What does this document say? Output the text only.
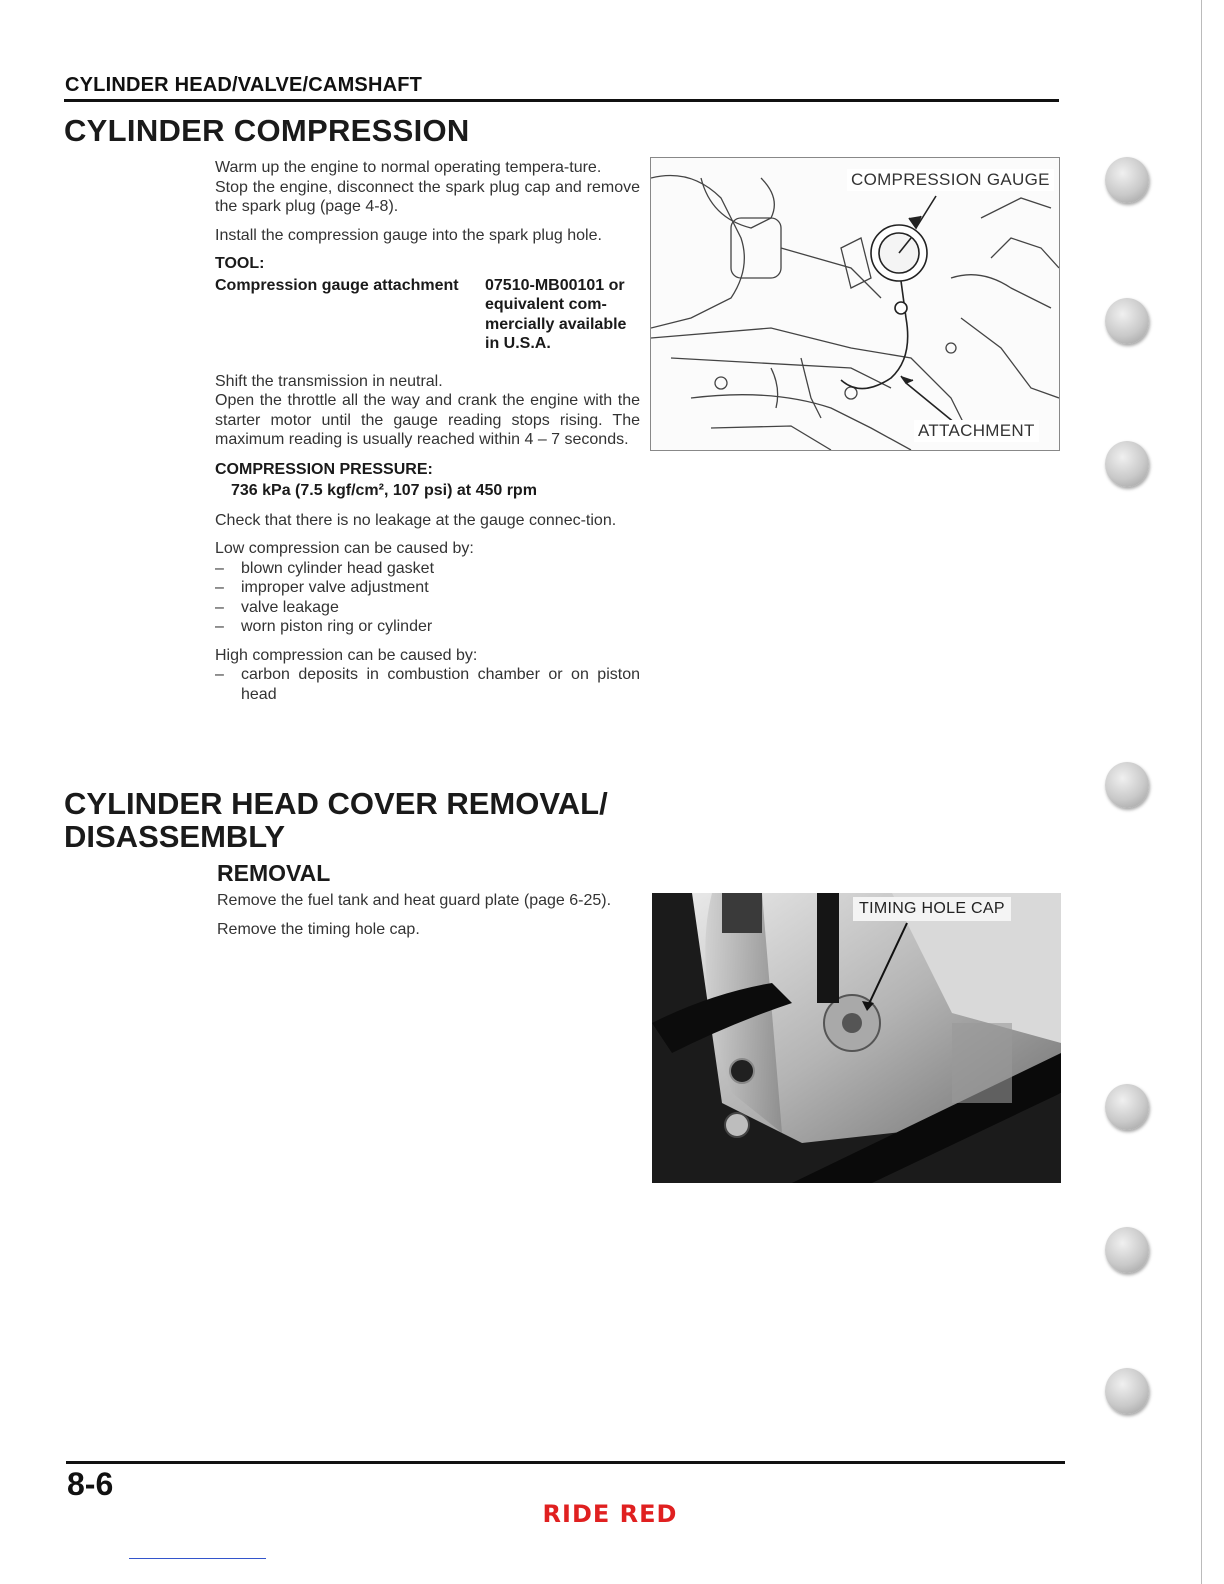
CYLINDER HEAD/VALVE/CAMSHAFT
CYLINDER COMPRESSION
Warm up the engine to normal operating tempera-ture.
Stop the engine, disconnect the spark plug cap and remove the spark plug (page 4-8).
Install the compression gauge into the spark plug hole.
TOOL:
Compression gauge attachment	07510-MB00101 or equivalent com-mercially available in U.S.A.
Shift the transmission in neutral.
Open the throttle all the way and crank the engine with the starter motor until the gauge reading stops rising. The maximum reading is usually reached within 4 – 7 seconds.
COMPRESSION PRESSURE:
736 kPa (7.5 kgf/cm², 107 psi) at 450 rpm
Check that there is no leakage at the gauge connec-tion.
Low compression can be caused by:
– blown cylinder head gasket
– improper valve adjustment
– valve leakage
– worn piston ring or cylinder
High compression can be caused by:
– carbon deposits in combustion chamber or on piston head
COMPRESSION GAUGE
ATTACHMENT
CYLINDER HEAD COVER REMOVAL/ DISASSEMBLY
REMOVAL
Remove the fuel tank and heat guard plate (page 6-25).
Remove the timing hole cap.
TIMING HOLE CAP
8-6
RIDE RED
